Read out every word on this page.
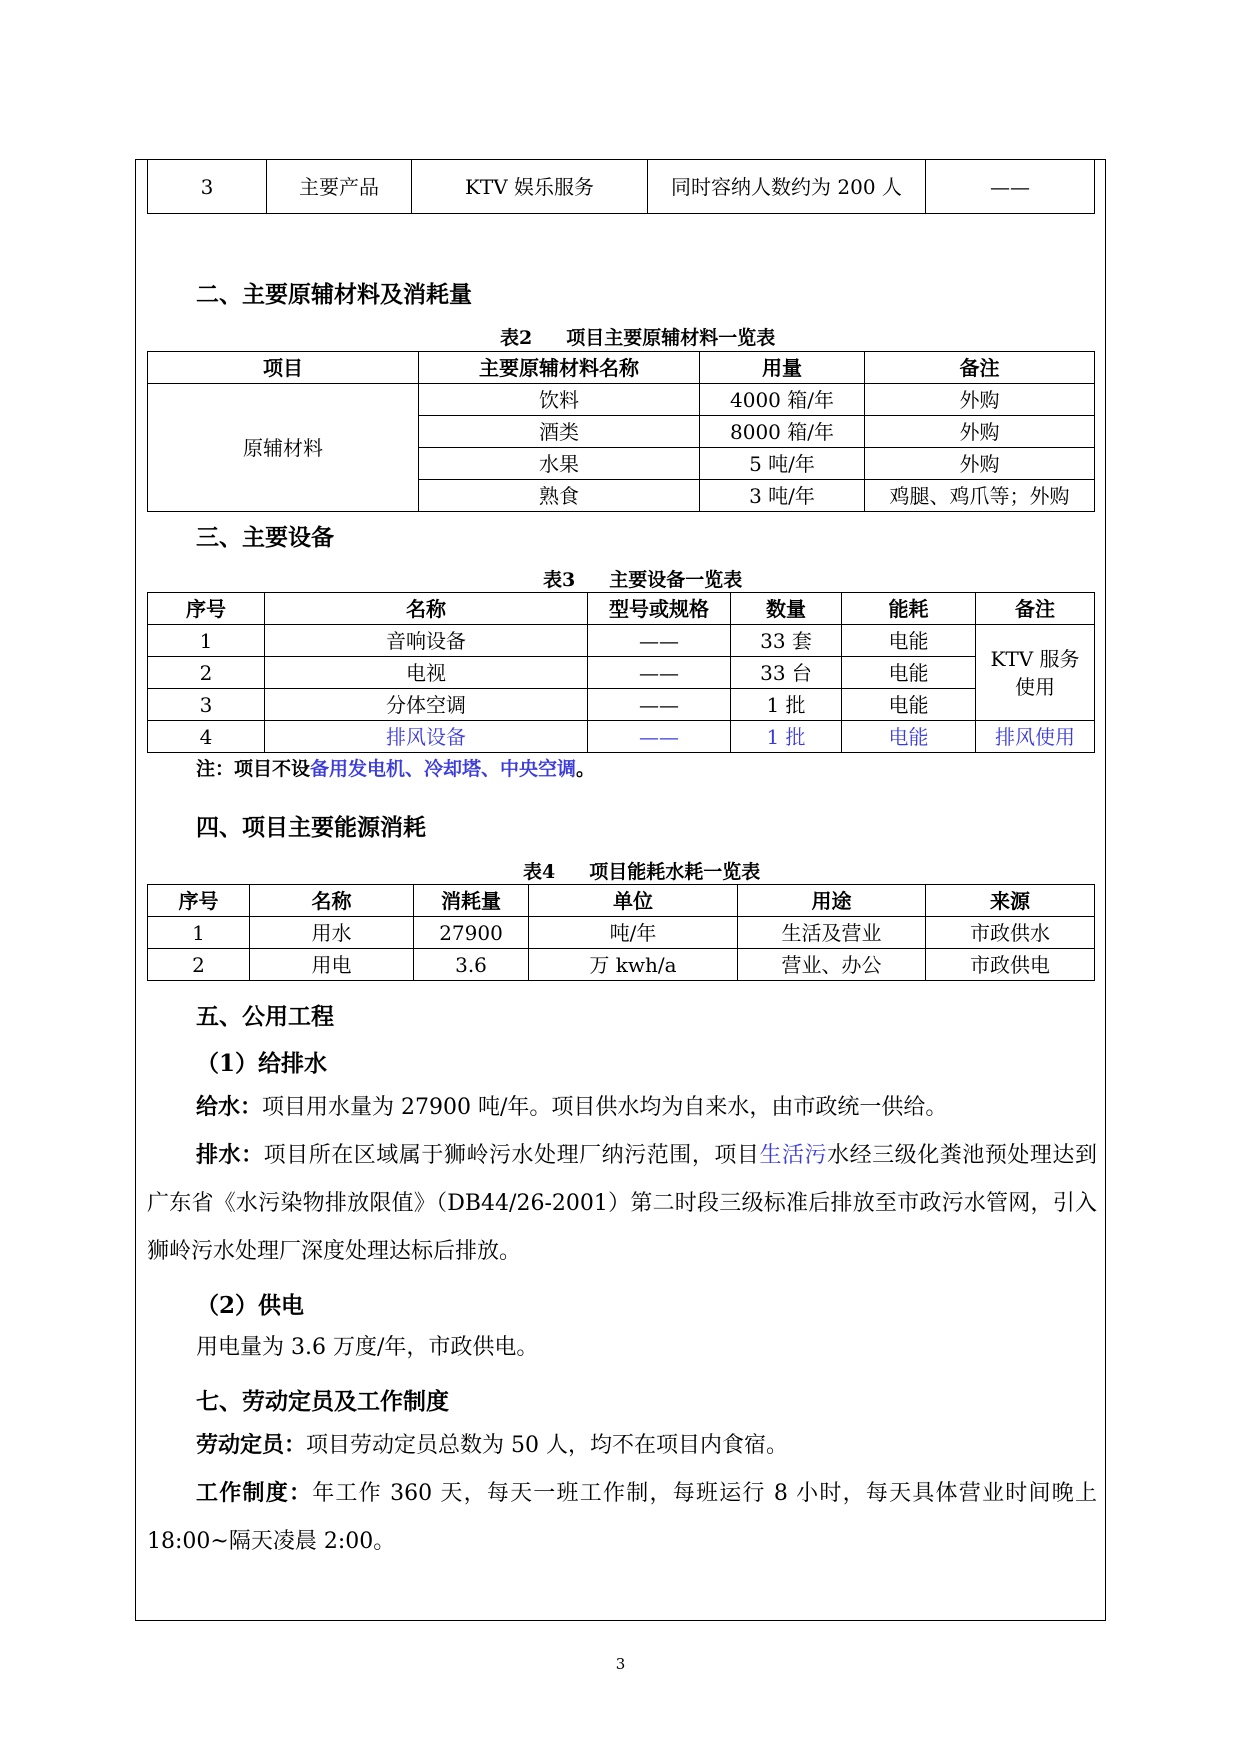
3	主要产品	KTV 娱乐服务	同时容纳人数约为 200 人	——
二、主要原辅材料及消耗量
表2 项目主要原辅材料一览表
项目	主要原辅材料名称	用量	备注
原辅材料	饮料	4000 箱/年	外购
	酒类	8000 箱/年	外购
	水果	5 吨/年	外购
	熟食	3 吨/年	鸡腿、鸡爪等；外购
三、主要设备
表3 主要设备一览表
序号	名称	型号或规格	数量	能耗	备注
1	音响设备	——	33 套	电能	KTV 服务使用
2	电视	——	33 台	电能	
3	分体空调	——	1 批	电能	
4	排风设备	——	1 批	电能	排风使用
注：项目不设备用发电机、冷却塔、中央空调。
四、项目主要能源消耗
表4 项目能耗水耗一览表
序号	名称	消耗量	单位	用途	来源
1	用水	27900	吨/年	生活及营业	市政供水
2	用电	3.6	万 kwh/a	营业、办公	市政供电
五、公用工程
（1）给排水
给水：项目用水量为 27900 吨/年。项目供水均为自来水，由市政统一供给。
排水：项目所在区域属于狮岭污水处理厂纳污范围，项目生活污水经三级化粪池预处理达到广东省《水污染物排放限值》（DB44/26-2001）第二时段三级标准后排放至市政污水管网，引入狮岭污水处理厂深度处理达标后排放。
（2）供电
用电量为 3.6 万度/年，市政供电。
七、劳动定员及工作制度
劳动定员：项目劳动定员总数为 50 人，均不在项目内食宿。
工作制度：年工作 360 天，每天一班工作制，每班运行 8 小时，每天具体营业时间晚上 18:00~隔天凌晨 2:00。
3
